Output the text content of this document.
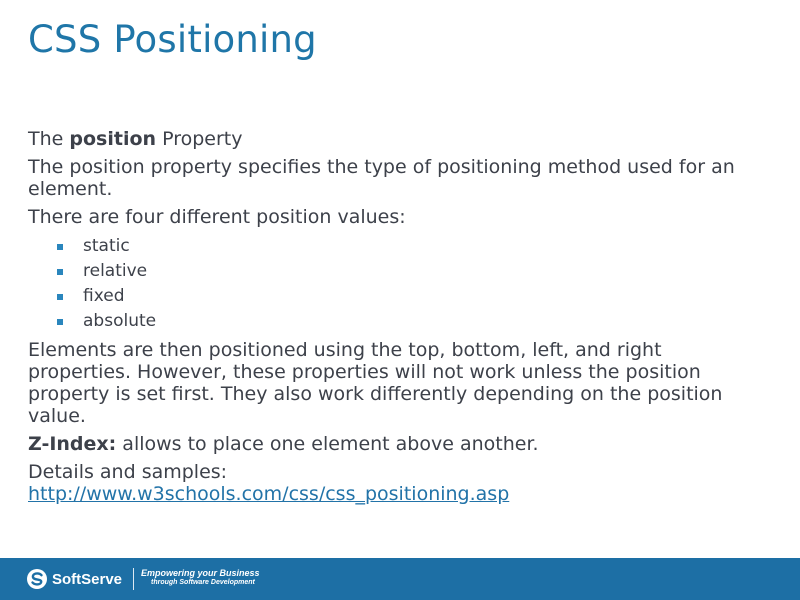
CSS Positioning

The position Property

The position property specifies the type of positioning method used for an element.

There are four different position values:

static
relative
fixed
absolute

Elements are then positioned using the top, bottom, left, and right properties. However, these properties will not work unless the position property is set first. They also work differently depending on the position value.

Z-Index: allows to place one element above another.

Details and samples:
http://www.w3schools.com/css/css_positioning.asp

SoftServe Empowering your Business
through Software Development
